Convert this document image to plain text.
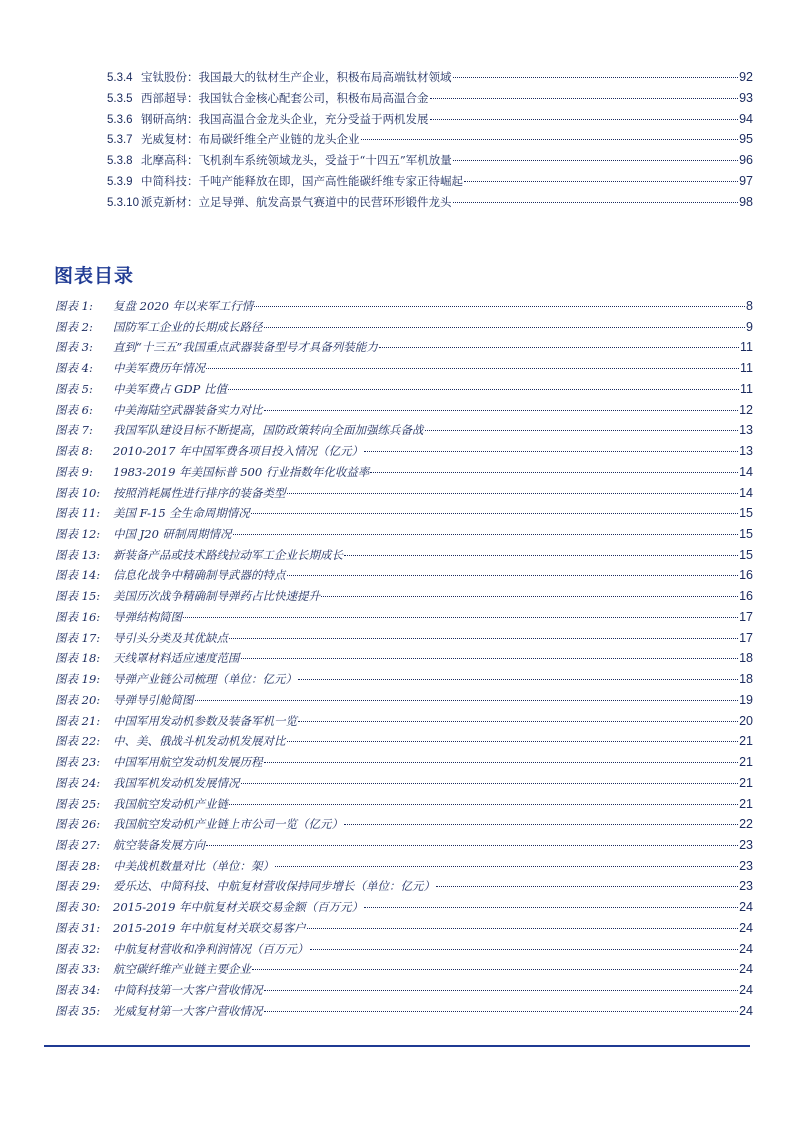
5.3.4 宝钛股份：我国最大的钛材生产企业，积极布局高端钛材领域	92
5.3.5 西部超导：我国钛合金核心配套公司，积极布局高温合金	93
5.3.6 钢研高纳：我国高温合金龙头企业，充分受益于两机发展	94
5.3.7 光威复材：布局碳纤维全产业链的龙头企业	95
5.3.8 北摩高科：飞机刹车系统领域龙头，受益于“十四五”军机放量	96
5.3.9 中简科技：千吨产能释放在即，国产高性能碳纤维专家正待崛起	97
5.3.10 派克新材：立足导弹、航发高景气赛道中的民营环形锻件龙头	98
图表目录
图表 1:	复盘 2020 年以来军工行情	8
图表 2:	国防军工企业的长期成长路径	9
图表 3:	直到“十三五”我国重点武器装备型号才具备列装能力	11
图表 4:	中美军费历年情况	11
图表 5:	中美军费占 GDP 比值	11
图表 6:	中美海陆空武器装备实力对比	12
图表 7:	我国军队建设目标不断提高，国防政策转向全面加强练兵备战	13
图表 8:	2010-2017 年中国军费各项目投入情况（亿元）	13
图表 9:	1983-2019 年美国标普 500 行业指数年化收益率	14
图表 10:	按照消耗属性进行排序的装备类型	14
图表 11:	美国 F-15 全生命周期情况	15
图表 12:	中国 J20 研制周期情况	15
图表 13:	新装备产品或技术路线拉动军工企业长期成长	15
图表 14:	信息化战争中精确制导武器的特点	16
图表 15:	美国历次战争精确制导弹药占比快速提升	16
图表 16:	导弹结构简图	17
图表 17:	导引头分类及其优缺点	17
图表 18:	天线罩材料适应速度范围	18
图表 19:	导弹产业链公司梳理（单位：亿元）	18
图表 20:	导弹导引舱简图	19
图表 21:	中国军用发动机参数及装备军机一览	20
图表 22:	中、美、俄战斗机发动机发展对比	21
图表 23:	中国军用航空发动机发展历程	21
图表 24:	我国军机发动机发展情况	21
图表 25:	我国航空发动机产业链	21
图表 26:	我国航空发动机产业链上市公司一览（亿元）	22
图表 27:	航空装备发展方向	23
图表 28:	中美战机数量对比（单位：架）	23
图表 29:	爱乐达、中简科技、中航复材营收保持同步增长（单位：亿元）	23
图表 30:	2015-2019 年中航复材关联交易金额（百万元）	24
图表 31:	2015-2019 年中航复材关联交易客户	24
图表 32:	中航复材营收和净利润情况（百万元）	24
图表 33:	航空碳纤维产业链主要企业	24
图表 34:	中简科技第一大客户营收情况	24
图表 35:	光威复材第一大客户营收情况	24
